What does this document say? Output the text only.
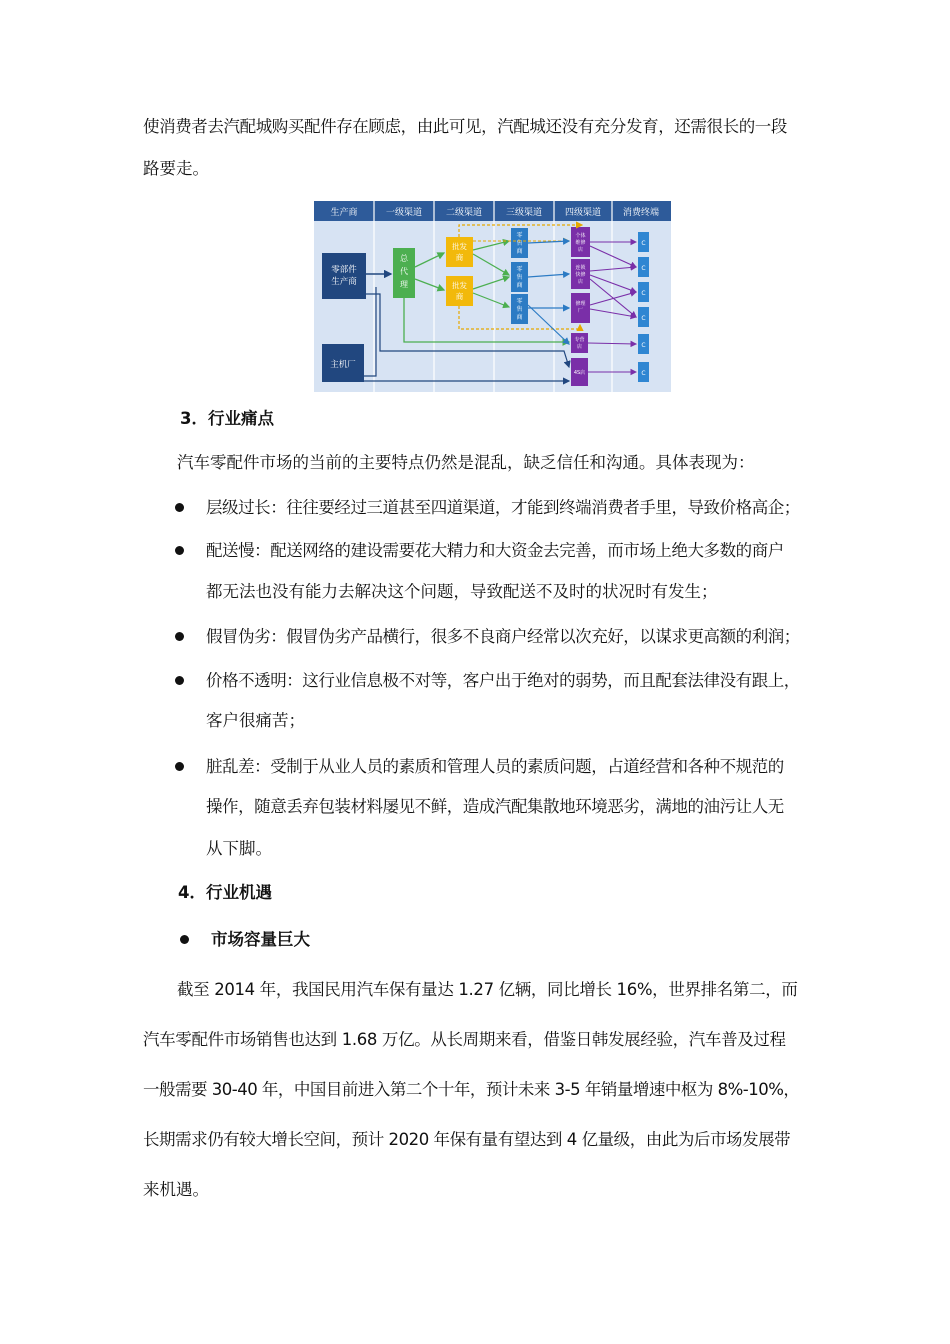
使消费者去汽配城购买配件存在顾虑，由此可见，汽配城还没有充分发育，还需很长的一段
路要走。
生产商	一级渠道	二级渠道	三级渠道	四级渠道 消费终端
零部件
生产商
主机厂
总
代
理
批发
商
批发
商
零
售
商
零
售
商
零
售
商
个体
维修
店
连锁
快修
店
修理
厂
专营
店
4S店
C
C
C
C
C
C
3．行业痛点
汽车零配件市场的当前的主要特点仍然是混乱，缺乏信任和沟通。具体表现为：
层级过长：往往要经过三道甚至四道渠道，才能到终端消费者手里，导致价格高企；
配送慢：配送网络的建设需要花大精力和大资金去完善，而市场上绝大多数的商户
都无法也没有能力去解决这个问题，导致配送不及时的状况时有发生；
假冒伪劣：假冒伪劣产品横行，很多不良商户经常以次充好，以谋求更高额的利润；
价格不透明：这行业信息极不对等，客户出于绝对的弱势，而且配套法律没有跟上，
客户很痛苦；
脏乱差：受制于从业人员的素质和管理人员的素质问题，占道经营和各种不规范的
操作，随意丢弃包装材料屡见不鲜，造成汽配集散地环境恶劣，满地的油污让人无
从下脚。
4．行业机遇
市场容量巨大
截至 2014 年，我国民用汽车保有量达 1.27 亿辆，同比增长 16%，世界排名第二，而
汽车零配件市场销售也达到 1.68 万亿。从长周期来看，借鉴日韩发展经验，汽车普及过程
一般需要 30-40 年，中国目前进入第二个十年，预计未来 3-5 年销量增速中枢为 8%-10%，
长期需求仍有较大增长空间，预计 2020 年保有量有望达到 4 亿量级，由此为后市场发展带
来机遇。
